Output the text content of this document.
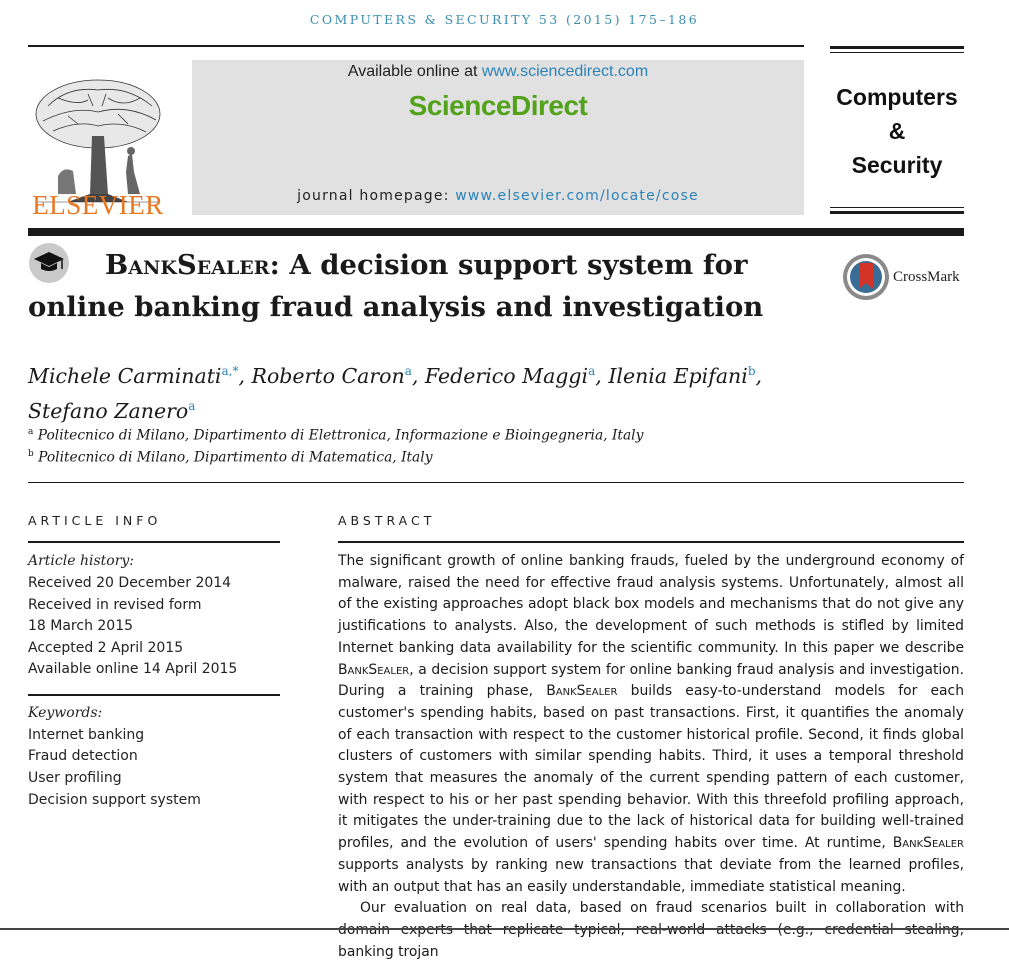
COMPUTERS & SECURITY 53 (2015) 175–186
ELSEVIER
Available online at www.sciencedirect.com
ScienceDirect
journal homepage: www.elsevier.com/locate/cose
Computers
&
Security
BankSealer: A decision support system for
online banking fraud analysis and investigation
CrossMark
Michele Carminati$^{a,*}$, Roberto Caron$^a$, Federico Maggi$^a$, Ilenia Epifani$^b$,
Stefano Zanero$^a$
$^a$ Politecnico di Milano, Dipartimento di Elettronica, Informazione e Bioingegneria, Italy
$^b$ Politecnico di Milano, Dipartimento di Matematica, Italy
ARTICLE INFO
Article history:
Received 20 December 2014
Received in revised form
18 March 2015
Accepted 2 April 2015
Available online 14 April 2015
Keywords:
Internet banking
Fraud detection
User profiling
Decision support system
ABSTRACT

The significant growth of online banking frauds, fueled by the underground economy of malware, raised the need for effective fraud analysis systems. Unfortunately, almost all of the existing approaches adopt black box models and mechanisms that do not give any justifications to analysts. Also, the development of such methods is stifled by limited Internet banking data availability for the scientific community. In this paper we describe BankSealer, a decision support system for online banking fraud analysis and investigation. During a training phase, BankSealer builds easy-to-understand models for each customer's spending habits, based on past transactions. First, it quantifies the anomaly of each transaction with respect to the customer historical profile. Second, it finds global clusters of customers with similar spending habits. Third, it uses a temporal threshold system that measures the anomaly of the current spending pattern of each customer, with respect to his or her past spending behavior. With this threefold profiling approach, it mitigates the under-training due to the lack of historical data for building well-trained profiles, and the evolution of users' spending habits over time. At runtime, BankSealer supports analysts by ranking new transactions that deviate from the learned profiles, with an output that has an easily understandable, immediate statistical meaning.

Our evaluation on real data, based on fraud scenarios built in collaboration with banking trojan
